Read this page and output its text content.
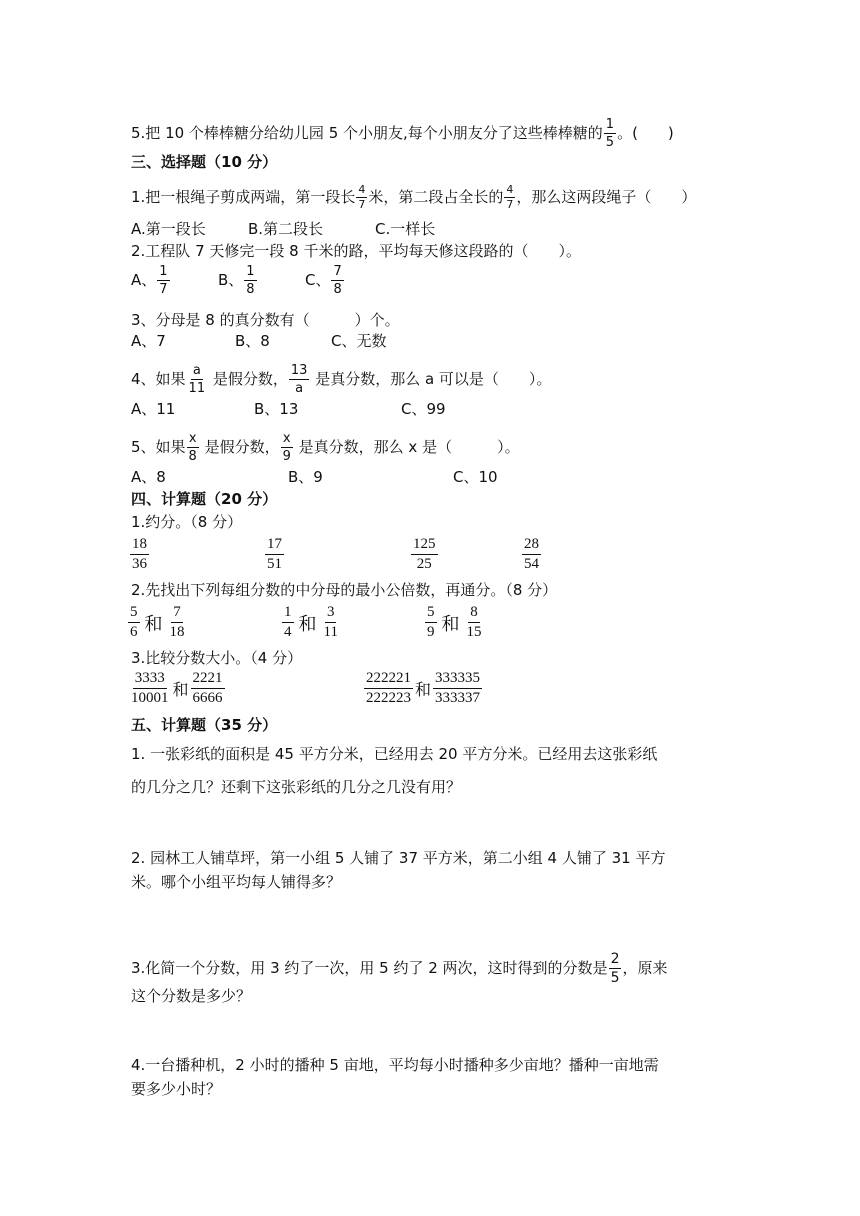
5.把 10 个棒棒糖分给幼儿园 5 个小朋友,每个小朋友分了这些棒棒糖的 $\frac{1}{5}$ 。(　　)
三、选择题（10 分）
1.把一根绳子剪成两端，第一段长 $\frac{4}{7}$ 米，第二段占全长的 $\frac{4}{7}$ ，那么这两段绳子（　　）
A.第一段长	B.第二段长	C.一样长
2.工程队 7 天修完一段 8 千米的路，平均每天修这段路的（　　）。
A、 $\frac{1}{7}$	B、 $\frac{1}{8}$	C、 $\frac{7}{8}$
3、分母是 8 的真分数有（　　　）个。
A、7	B、8	C、无数
4、如果 $\frac{a}{11}$ 是假分数， $\frac{13}{a}$ 是真分数，那么 a 可以是（　　）。
A、11	B、13	C、99
5、如果 $\frac{x}{8}$ 是假分数， $\frac{x}{9}$ 是真分数，那么 x 是（　　　）。
A、8	B、9	C、10
四、计算题（20 分）
1.约分。（8 分）
$\frac{18}{36}$	$\frac{17}{51}$	$\frac{125}{25}$	$\frac{28}{54}$
2.先找出下列每组分数的中分母的最小公倍数，再通分。（8 分）
5
6 和
7
18
1
4 和
3
11
5
9 和
8
15
3.比较分数大小。（4 分）
3333
10001 和
2221
6666
222221
222223 和
333335
333337
五、计算题（35 分）
1. 一张彩纸的面积是 45 平方分米，已经用去 20 平方分米。已经用去这张彩纸
的几分之几？还剩下这张彩纸的几分之几没有用？
2. 园林工人铺草坪，第一小组 5 人铺了 37 平方米，第二小组 4 人铺了 31 平方
米。哪个小组平均每人铺得多？
3.化简一个分数，用 3 约了一次，用 5 约了 2 两次，这时得到的分数是 $\frac{2}{5}$ ，原来
这个分数是多少？
4.一台播种机，2 小时的播种 5 亩地，平均每小时播种多少亩地？播种一亩地需
要多少小时？
